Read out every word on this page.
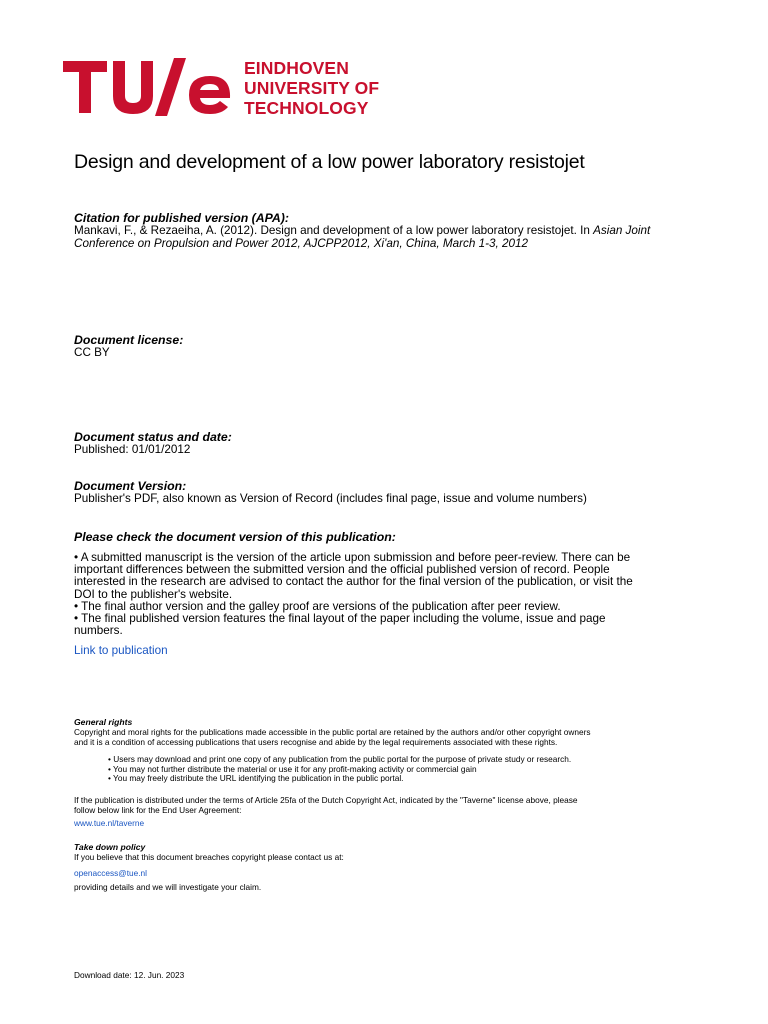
EINDHOVEN
UNIVERSITY OF
TECHNOLOGY
Design and development of a low power laboratory resistojet
Citation for published version (APA):
Mankavi, F., & Rezaeiha, A. (2012). Design and development of a low power laboratory resistojet. In Asian Joint
Conference on Propulsion and Power 2012, AJCPP2012, Xi'an, China, March 1-3, 2012
Document license:
CC BY
Document status and date:
Published: 01/01/2012
Document Version:
Publisher's PDF, also known as Version of Record (includes final page, issue and volume numbers)
Please check the document version of this publication:
• A submitted manuscript is the version of the article upon submission and before peer-review. There can be
important differences between the submitted version and the official published version of record. People
interested in the research are advised to contact the author for the final version of the publication, or visit the
DOI to the publisher's website.
• The final author version and the galley proof are versions of the publication after peer review.
• The final published version features the final layout of the paper including the volume, issue and page
numbers.
Link to publication
General rights
Copyright and moral rights for the publications made accessible in the public portal are retained by the authors and/or other copyright owners
and it is a condition of accessing publications that users recognise and abide by the legal requirements associated with these rights.
• Users may download and print one copy of any publication from the public portal for the purpose of private study or research.
• You may not further distribute the material or use it for any profit-making activity or commercial gain
• You may freely distribute the URL identifying the publication in the public portal.
If the publication is distributed under the terms of Article 25fa of the Dutch Copyright Act, indicated by the "Taverne" license above, please
follow below link for the End User Agreement:
www.tue.nl/taverne
Take down policy
If you believe that this document breaches copyright please contact us at:
openaccess@tue.nl
providing details and we will investigate your claim.
Download date: 12. Jun. 2023
